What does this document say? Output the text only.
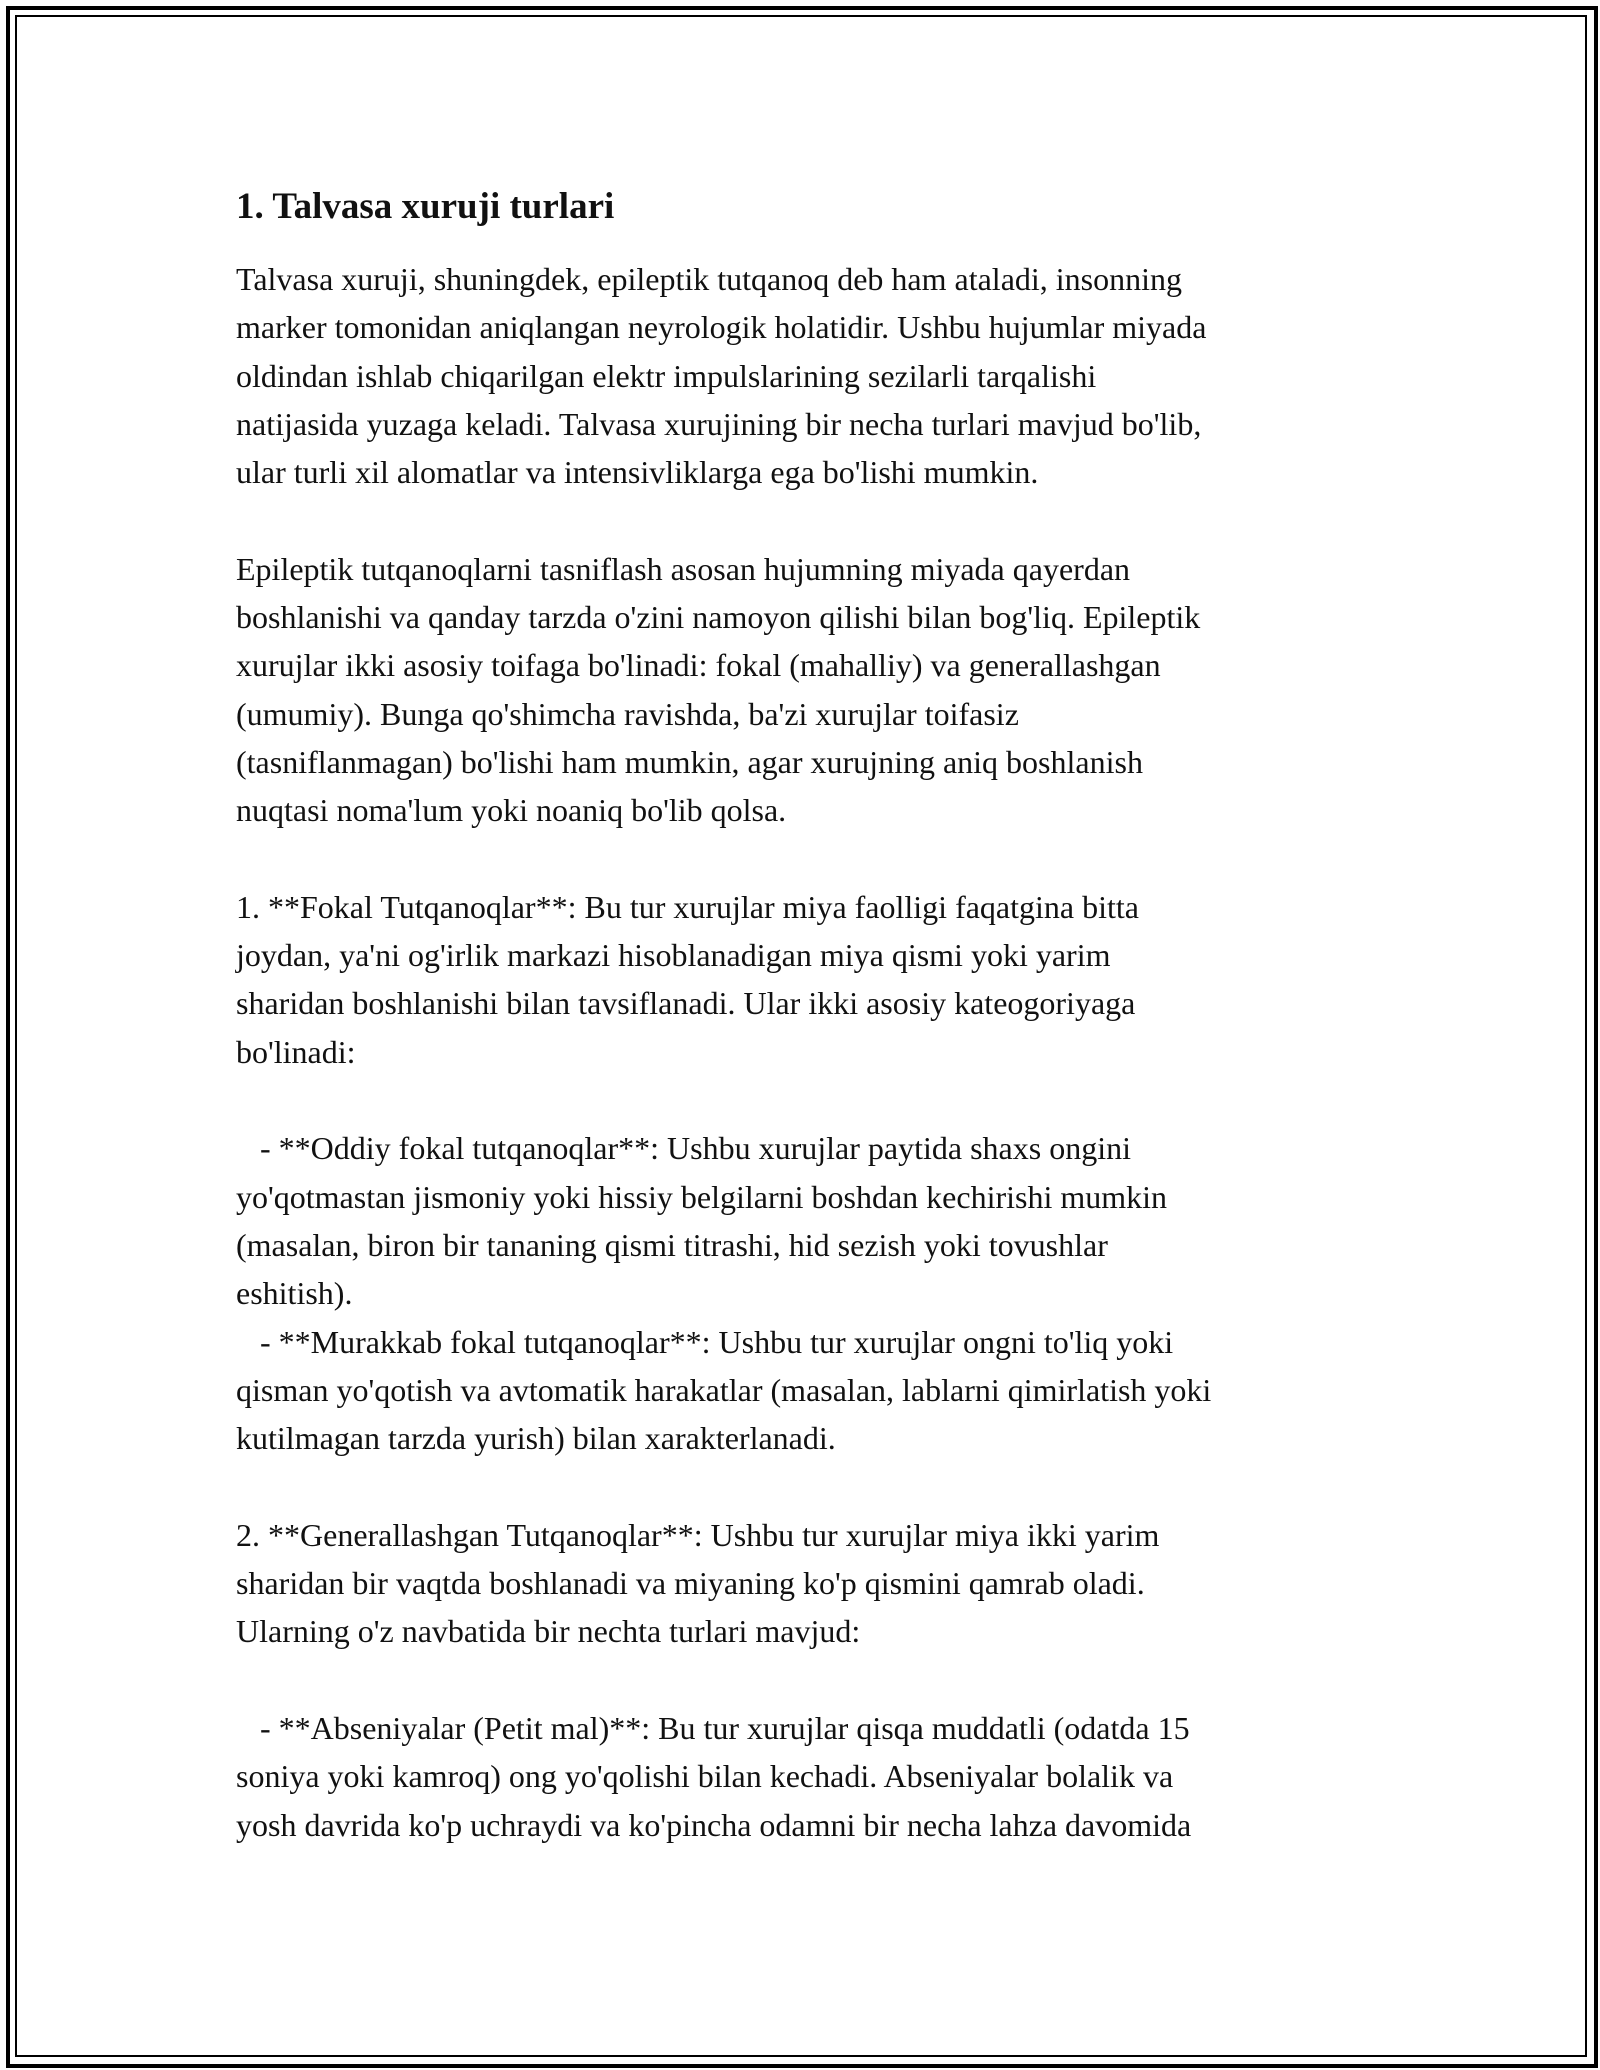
1. Talvasa xuruji turlari
Talvasa xuruji, shuningdek, epileptik tutqanoq deb ham ataladi, insonning
marker tomonidan aniqlangan neyrologik holatidir. Ushbu hujumlar miyada
oldindan ishlab chiqarilgan elektr impulslarining sezilarli tarqalishi
natijasida yuzaga keladi. Talvasa xurujining bir necha turlari mavjud bo'lib,
ular turli xil alomatlar va intensivliklarga ega bo'lishi mumkin.

Epileptik tutqanoqlarni tasniflash asosan hujumning miyada qayerdan
boshlanishi va qanday tarzda o'zini namoyon qilishi bilan bog'liq. Epileptik
xurujlar ikki asosiy toifaga bo'linadi: fokal (mahalliy) va generallashgan
(umumiy). Bunga qo'shimcha ravishda, ba'zi xurujlar toifasiz
(tasniflanmagan) bo'lishi ham mumkin, agar xurujning aniq boshlanish
nuqtasi noma'lum yoki noaniq bo'lib qolsa.

1. **Fokal Tutqanoqlar**: Bu tur xurujlar miya faolligi faqatgina bitta
joydan, ya'ni og'irlik markazi hisoblanadigan miya qismi yoki yarim
sharidan boshlanishi bilan tavsiflanadi. Ular ikki asosiy kateogoriyaga
bo'linadi:

- **Oddiy fokal tutqanoqlar**: Ushbu xurujlar paytida shaxs ongini
yo'qotmastan jismoniy yoki hissiy belgilarni boshdan kechirishi mumkin
(masalan, biron bir tananing qismi titrashi, hid sezish yoki tovushlar
eshitish).
- **Murakkab fokal tutqanoqlar**: Ushbu tur xurujlar ongni to'liq yoki
qisman yo'qotish va avtomatik harakatlar (masalan, lablarni qimirlatish yoki
kutilmagan tarzda yurish) bilan xarakterlanadi.

2. **Generallashgan Tutqanoqlar**: Ushbu tur xurujlar miya ikki yarim
sharidan bir vaqtda boshlanadi va miyaning ko'p qismini qamrab oladi.
Ularning o'z navbatida bir nechta turlari mavjud:

- **Abseniyalar (Petit mal)**: Bu tur xurujlar qisqa muddatli (odatda 15
soniya yoki kamroq) ong yo'qolishi bilan kechadi. Abseniyalar bolalik va
yosh davrida ko'p uchraydi va ko'pincha odamni bir necha lahza davomida
